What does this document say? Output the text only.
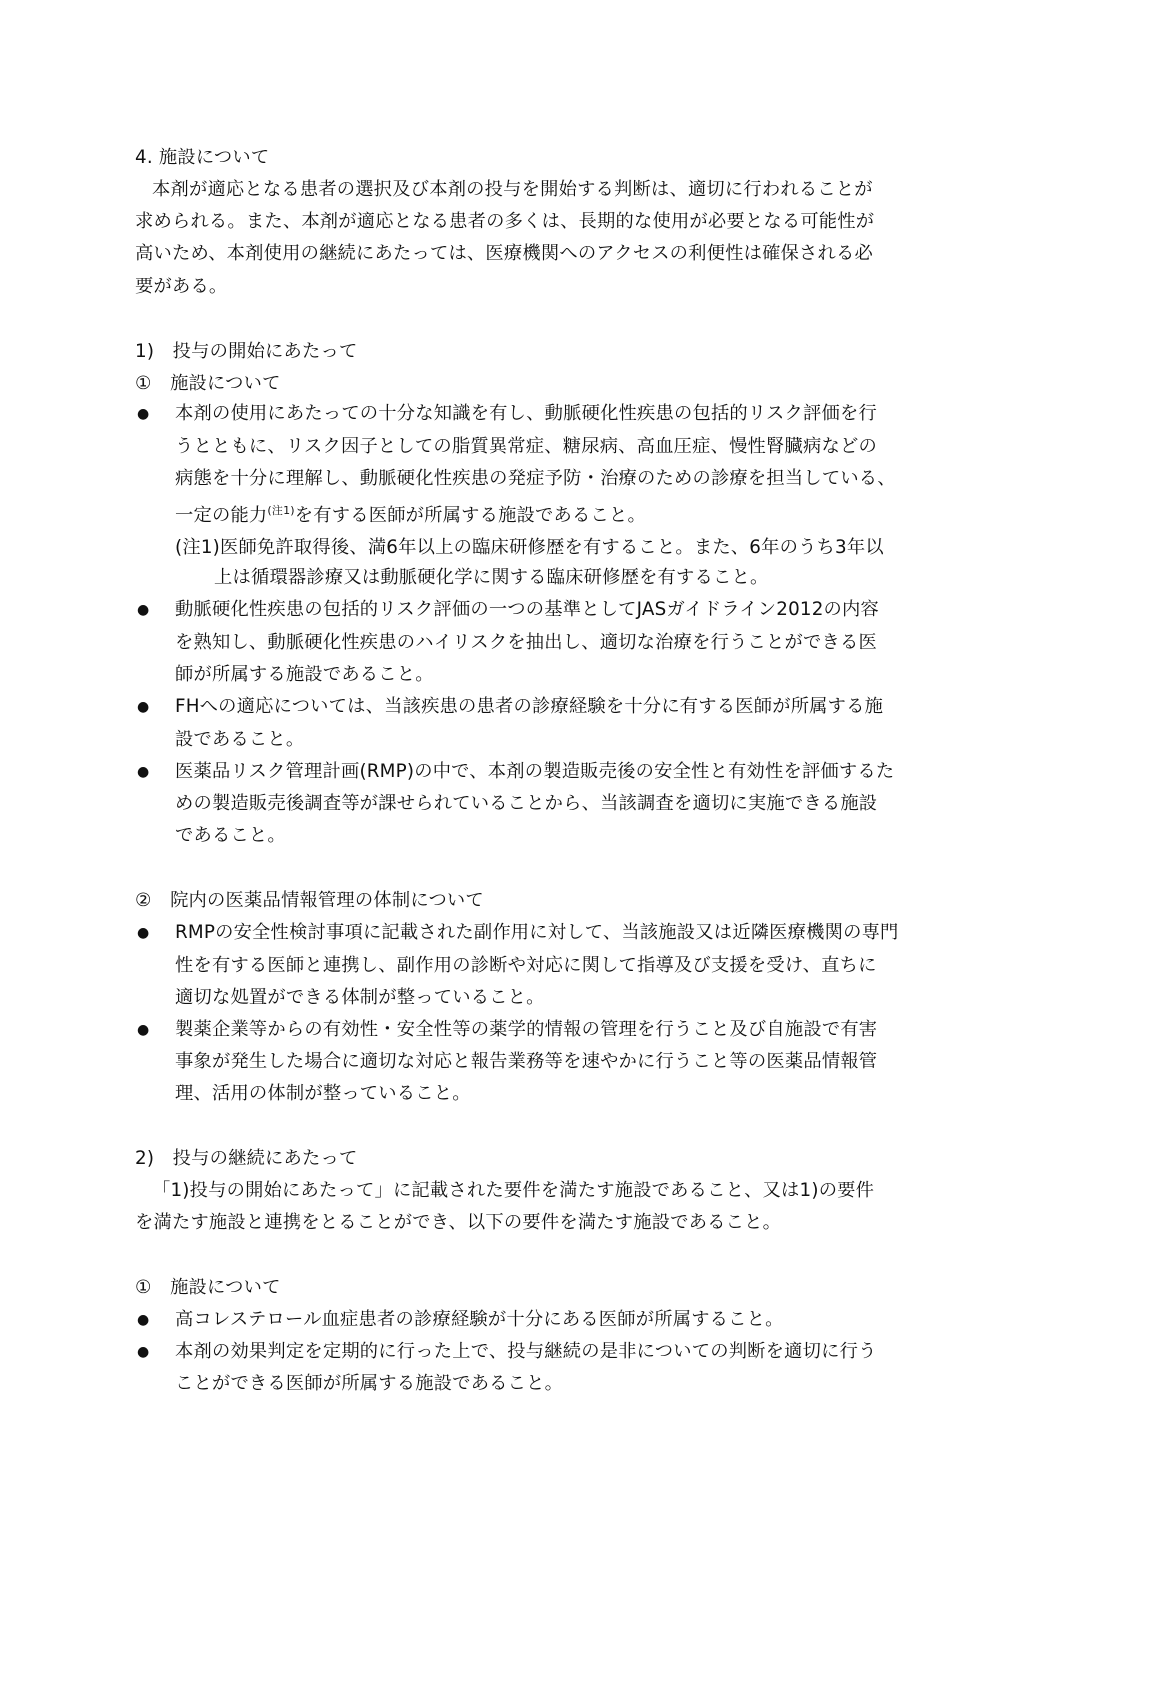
4. 施設について
本剤が適応となる患者の選択及び本剤の投与を開始する判断は、適切に行われることが
求められる。また、本剤が適応となる患者の多くは、長期的な使用が必要となる可能性が
高いため、本剤使用の継続にあたっては、医療機関へのアクセスの利便性は確保される必
要がある。
1)　投与の開始にあたって
①　施設について
● 本剤の使用にあたっての十分な知識を有し、動脈硬化性疾患の包括的リスク評価を行
うとともに、リスク因子としての脂質異常症、糖尿病、高血圧症、慢性腎臓病などの
病態を十分に理解し、動脈硬化性疾患の発症予防・治療のための診療を担当している、
一定の能力$^{(注1)}$を有する医師が所属する施設であること。
(注1)医師免許取得後、満6年以上の臨床研修歴を有すること。また、6年のうち3年以
上は循環器診療又は動脈硬化学に関する臨床研修歴を有すること。
● 動脈硬化性疾患の包括的リスク評価の一つの基準としてJASガイドライン2012の内容
を熟知し、動脈硬化性疾患のハイリスクを抽出し、適切な治療を行うことができる医
師が所属する施設であること。
● FHへの適応については、当該疾患の患者の診療経験を十分に有する医師が所属する施
設であること。
● 医薬品リスク管理計画(RMP)の中で、本剤の製造販売後の安全性と有効性を評価するた
めの製造販売後調査等が課せられていることから、当該調査を適切に実施できる施設
であること。
②　院内の医薬品情報管理の体制について
● RMPの安全性検討事項に記載された副作用に対して、当該施設又は近隣医療機関の専門
性を有する医師と連携し、副作用の診断や対応に関して指導及び支援を受け、直ちに
適切な処置ができる体制が整っていること。
● 製薬企業等からの有効性・安全性等の薬学的情報の管理を行うこと及び自施設で有害
事象が発生した場合に適切な対応と報告業務等を速やかに行うこと等の医薬品情報管
理、活用の体制が整っていること。
2)　投与の継続にあたって
「1)投与の開始にあたって」に記載された要件を満たす施設であること、又は1)の要件
を満たす施設と連携をとることができ、以下の要件を満たす施設であること。
①　施設について
● 高コレステロール血症患者の診療経験が十分にある医師が所属すること。
● 本剤の効果判定を定期的に行った上で、投与継続の是非についての判断を適切に行う
ことができる医師が所属する施設であること。
